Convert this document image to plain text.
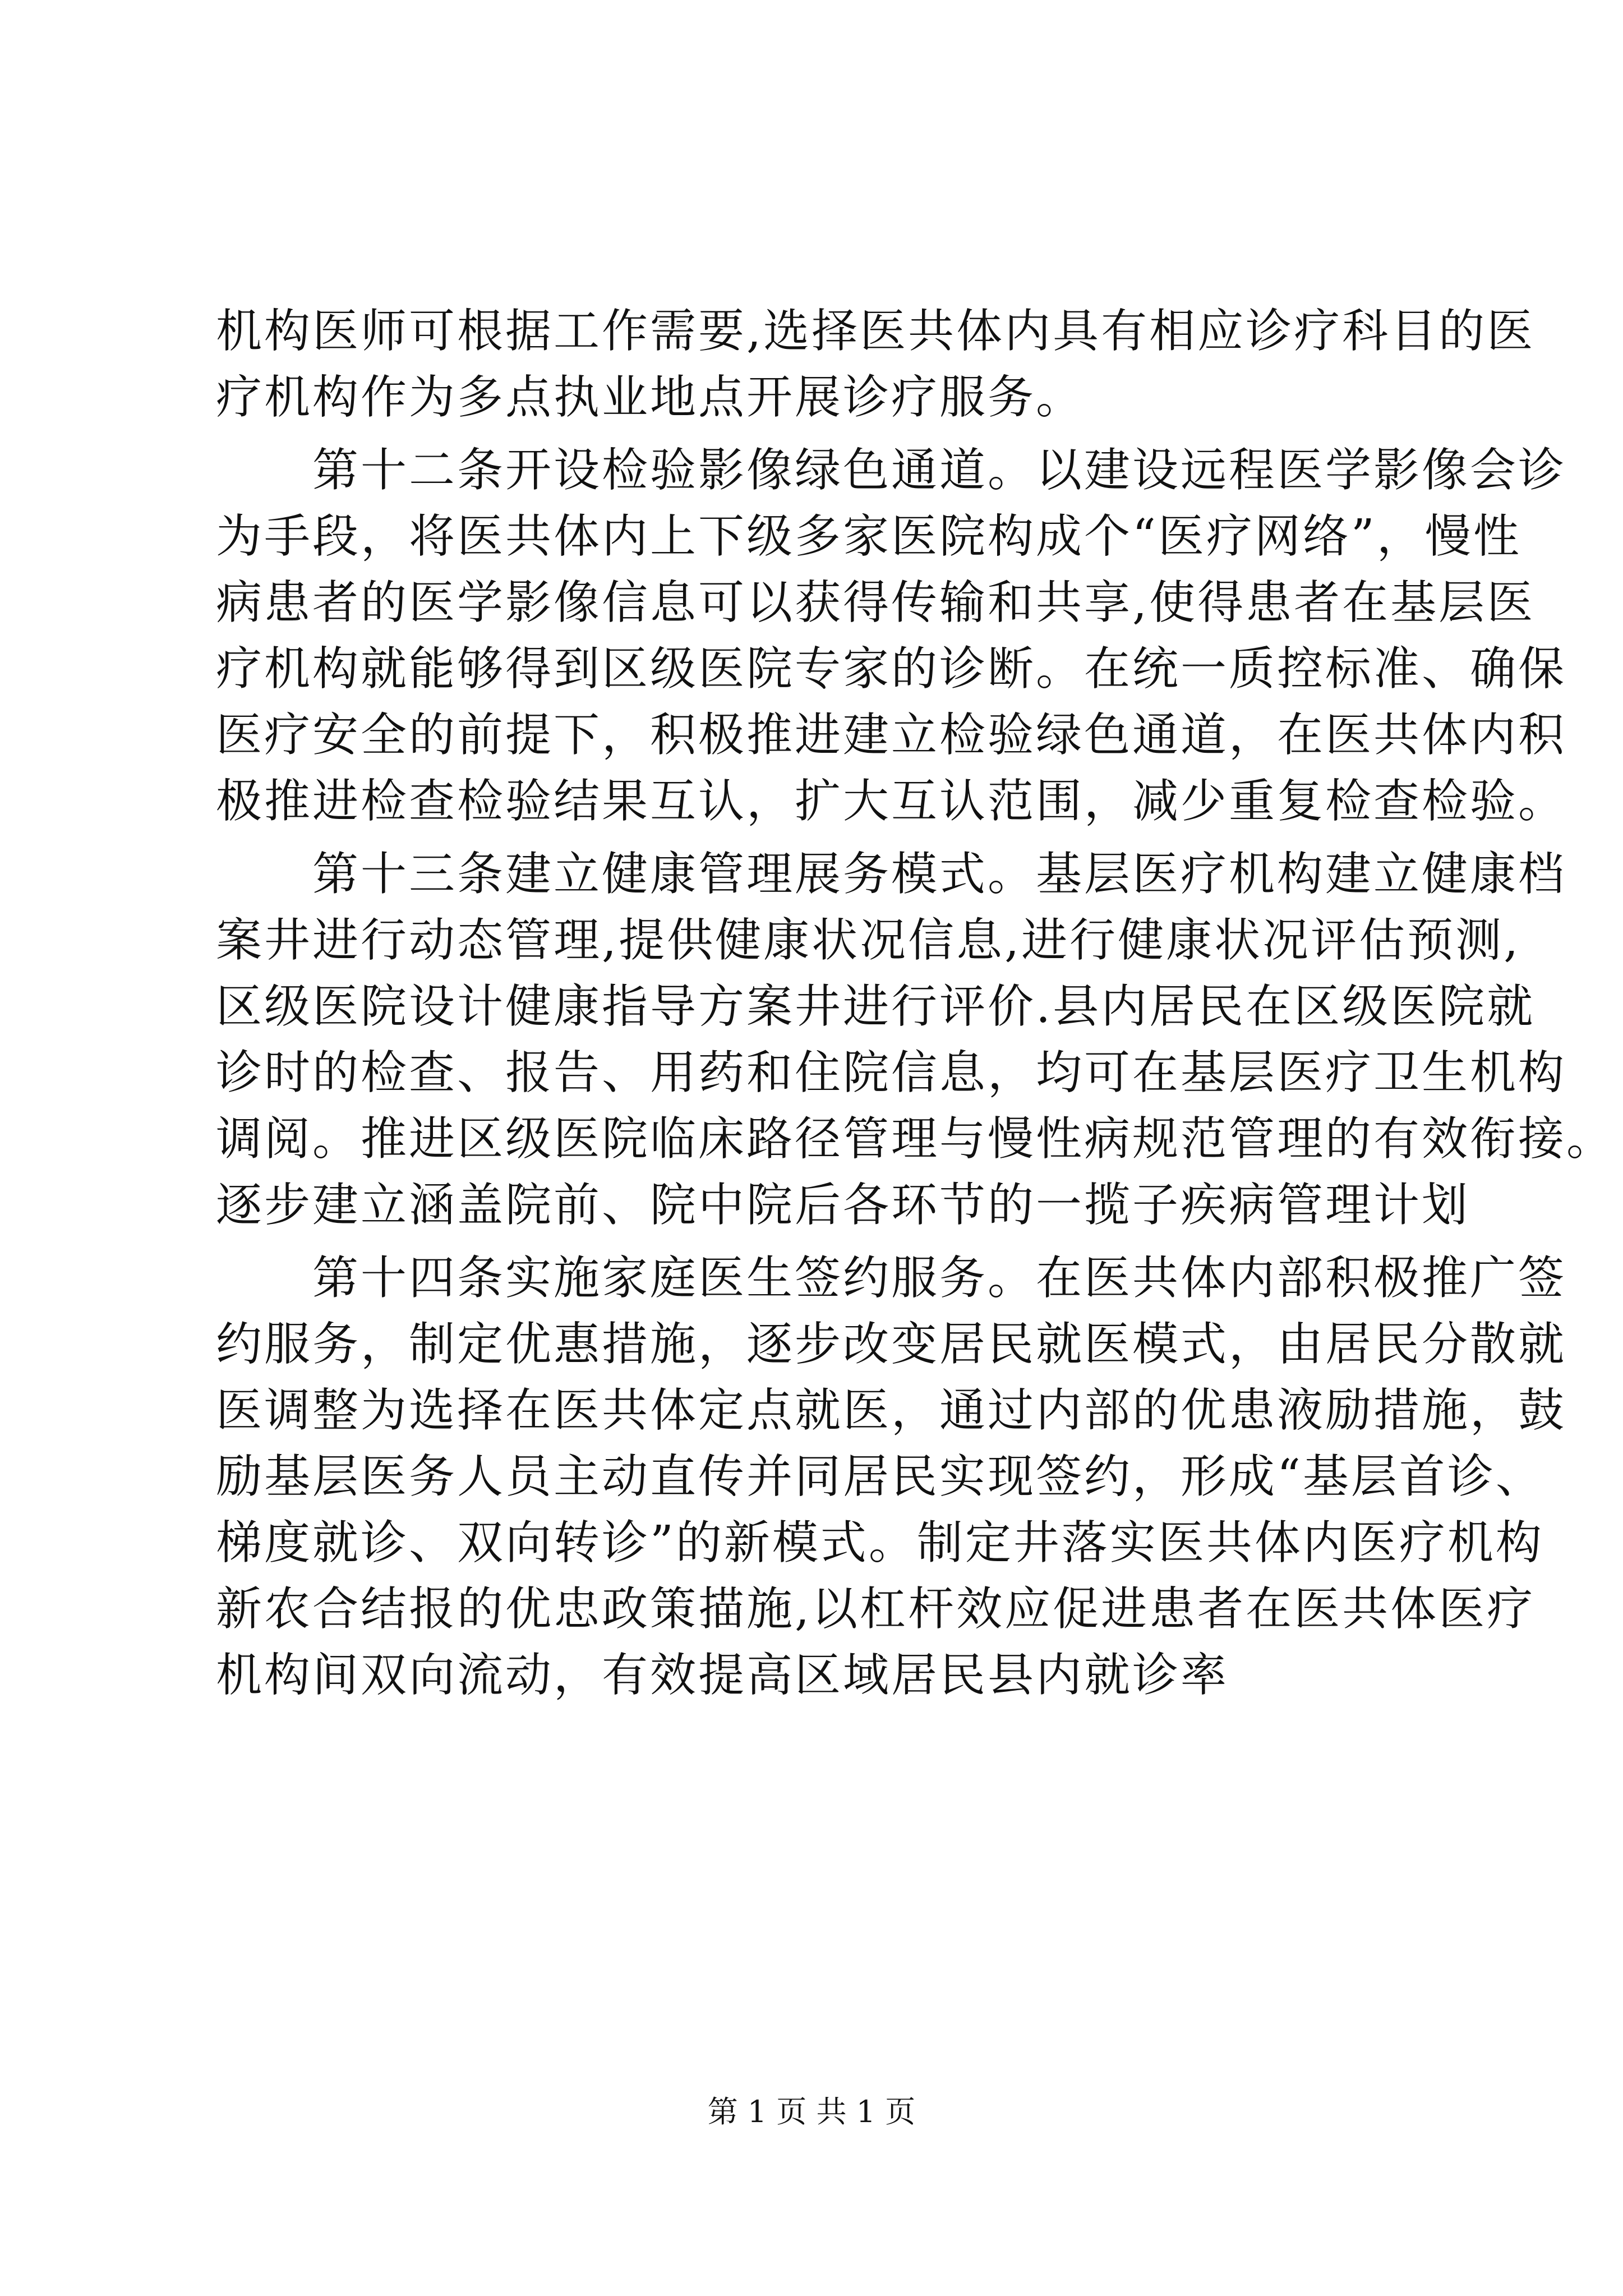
机构医师可根据工作需要,选择医共体内具有相应诊疗科目的医
疗机构作为多点执业地点开展诊疗服务。
　　第十二条开设检验影像绿色通道。以建设远程医学影像会诊
为手段，将医共体内上下级多家医院构成个“医疗网络”，慢性
病患者的医学影像信息可以获得传输和共享,使得患者在基层医
疗机构就能够得到区级医院专家的诊断。在统一质控标准、确保
医疗安全的前提下，积极推进建立检验绿色通道，在医共体内积
极推进检查检验结果互认，扩大互认范围，减少重复检查检验。
　　第十三条建立健康管理展务模式。基层医疗机构建立健康档
案井进行动态管理,提供健康状况信息,进行健康状况评估预测,
区级医院设计健康指导方案井进行评价.县内居民在区级医院就
诊时的检查、报告、用药和住院信息，均可在基层医疗卫生机构
调阅。推进区级医院临床路径管理与慢性病规范管理的有效衔接。
逐步建立涵盖院前、院中院后各环节的一揽子疾病管理计划
　　第十四条实施家庭医生签约服务。在医共体内部积极推广签
约服务，制定优惠措施，逐步改变居民就医模式，由居民分散就
医调整为选择在医共体定点就医，通过内部的优患液励措施，鼓
励基层医务人员主动直传并同居民实现签约，形成“基层首诊、
梯度就诊、双向转诊”的新模式。制定井落实医共体内医疗机构
新农合结报的优忠政策描施,以杠杆效应促进患者在医共体医疗
机构间双向流动，有效提高区域居民县内就诊率
第 1 页 共 1 页
